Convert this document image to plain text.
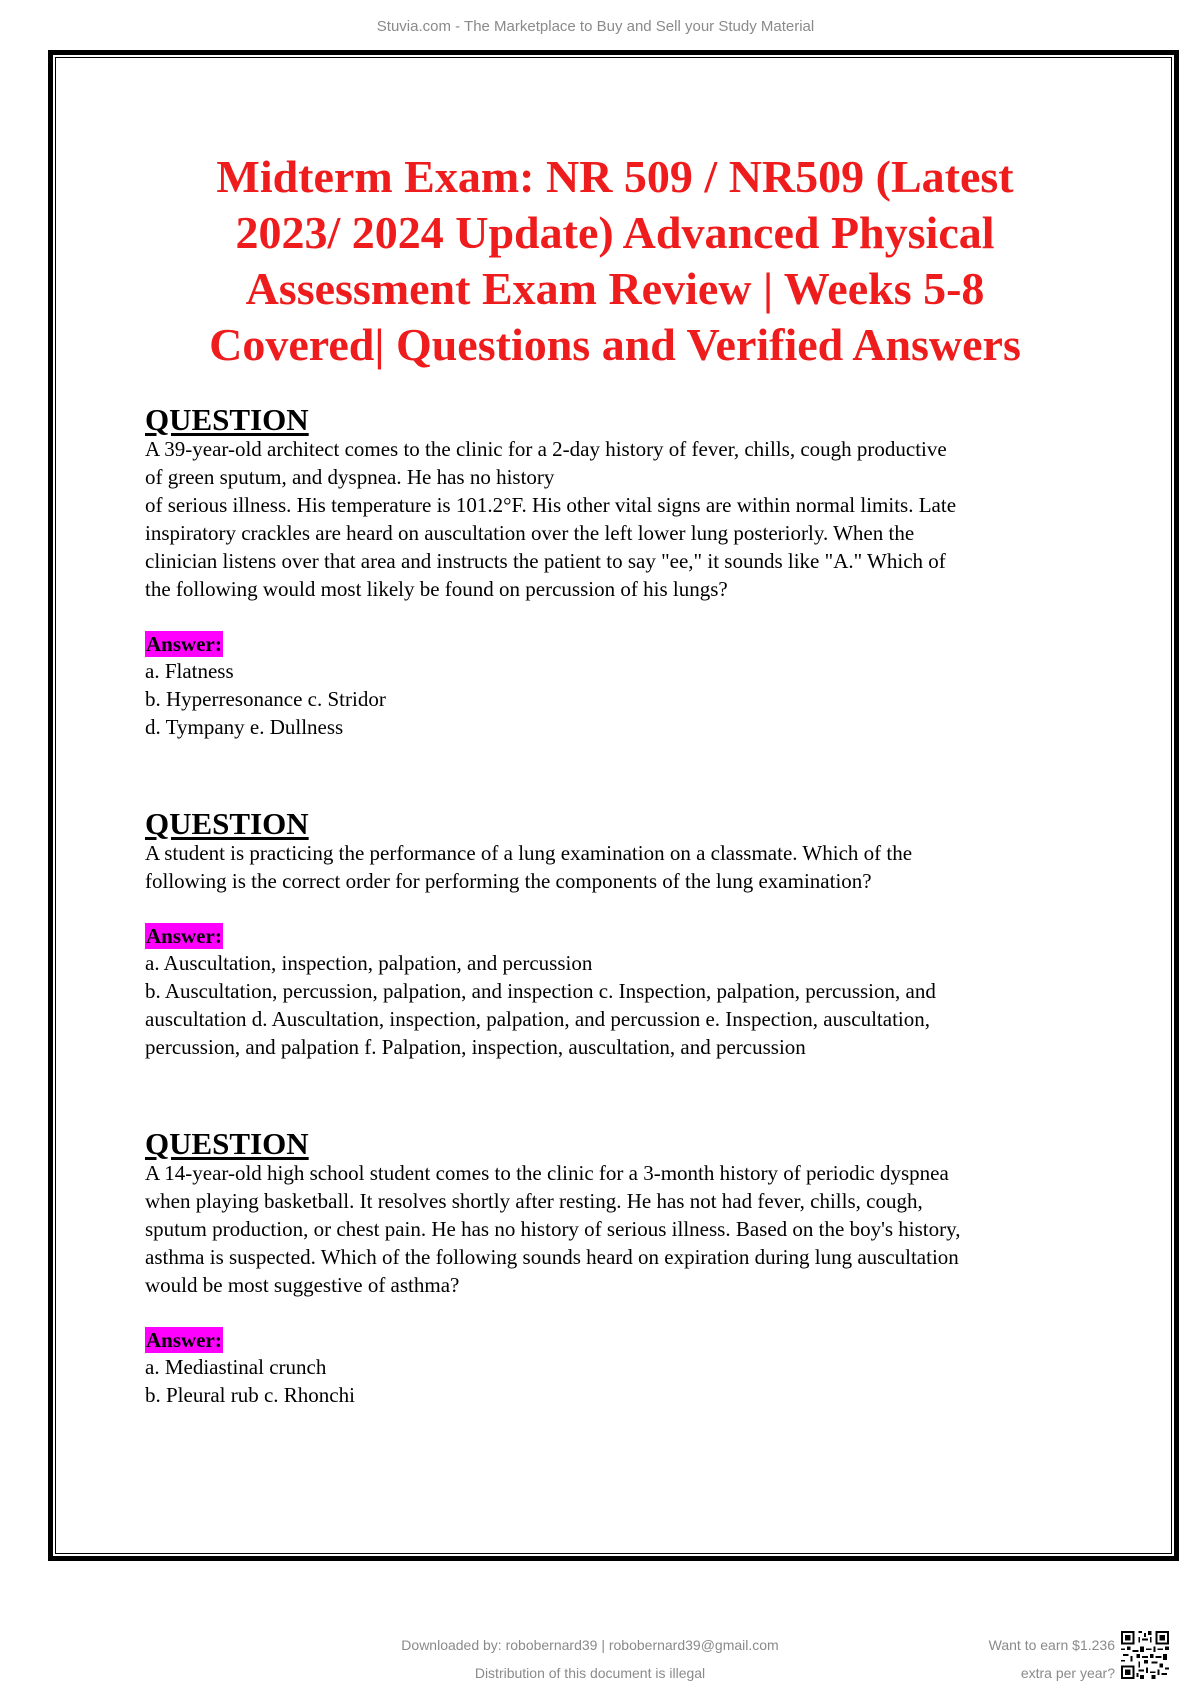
Stuvia.com - The Marketplace to Buy and Sell your Study Material
Midterm Exam: NR 509 / NR509 (Latest
2023/ 2024 Update) Advanced Physical
Assessment Exam Review | Weeks 5-8
Covered| Questions and Verified Answers

QUESTION

A 39-year-old architect comes to the clinic for a 2-day history of fever, chills, cough productive

of green sputum, and dyspnea. He has no history

of serious illness. His temperature is 101.2°F. His other vital signs are within normal limits. Late

inspiratory crackles are heard on auscultation over the left lower lung posteriorly. When the

clinician listens over that area and instructs the patient to say "ee," it sounds like "A." Which of

the following would most likely be found on percussion of his lungs?

Answer:

a. Flatness

b. Hyperresonance c. Stridor

d. Tympany e. Dullness

QUESTION

A student is practicing the performance of a lung examination on a classmate. Which of the

following is the correct order for performing the components of the lung examination?

Answer:

a. Auscultation, inspection, palpation, and percussion

b. Auscultation, percussion, palpation, and inspection c. Inspection, palpation, percussion, and

auscultation d. Auscultation, inspection, palpation, and percussion e. Inspection, auscultation,

percussion, and palpation f. Palpation, inspection, auscultation, and percussion

QUESTION

A 14-year-old high school student comes to the clinic for a 3-month history of periodic dyspnea

when playing basketball. It resolves shortly after resting. He has not had fever, chills, cough,

sputum production, or chest pain. He has no history of serious illness. Based on the boy's history,

asthma is suspected. Which of the following sounds heard on expiration during lung auscultation

would be most suggestive of asthma?

Answer:

a. Mediastinal crunch

b. Pleural rub c. Rhonchi

Downloaded by: robobernard39 | robobernard39@gmail.com
Distribution of this document is illegal
Want to earn $1.236
extra per year?
